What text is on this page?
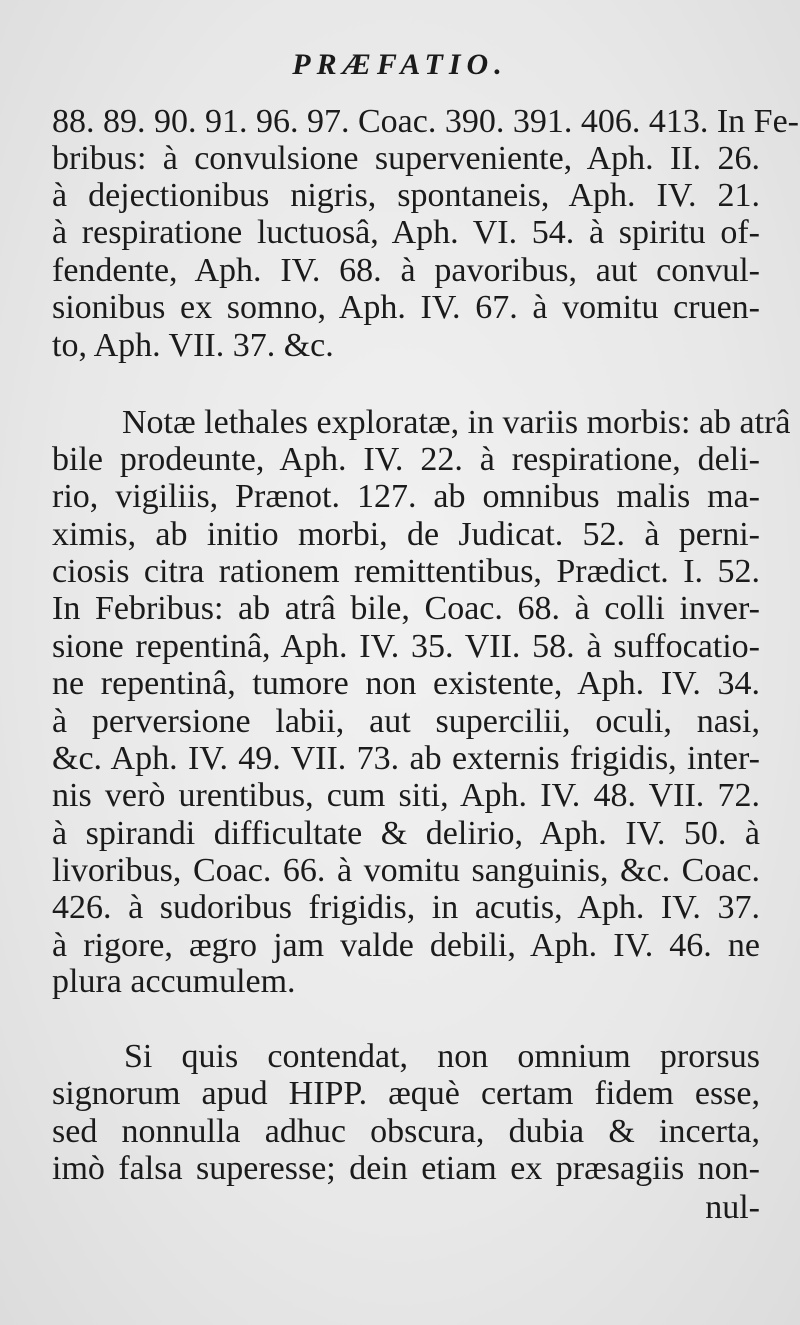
PRÆFATIO.
88. 89. 90. 91. 96. 97. Coac. 390. 391. 406. 413. In Fe-
bribus: à convulsione superveniente, Aph. II. 26.
à dejectionibus nigris, spontaneis, Aph. IV. 21.
à respiratione luctuosâ, Aph. VI. 54. à spiritu of-
fendente, Aph. IV. 68. à pavoribus, aut convul-
sionibus ex somno, Aph. IV. 67. à vomitu cruen-
to, Aph. VII. 37. &c.
Notæ lethales exploratæ, in variis morbis: ab atrâ
bile prodeunte, Aph. IV. 22. à respiratione, deli-
rio, vigiliis, Prænot. 127. ab omnibus malis ma-
ximis, ab initio morbi, de Judicat. 52. à perni-
ciosis citra rationem remittentibus, Prædict. I. 52.
In Febribus: ab atrâ bile, Coac. 68. à colli inver-
sione repentinâ, Aph. IV. 35. VII. 58. à suffocatio-
ne repentinâ, tumore non existente, Aph. IV. 34.
à perversione labii, aut supercilii, oculi, nasi,
&c. Aph. IV. 49. VII. 73. ab externis frigidis, inter-
nis verò urentibus, cum siti, Aph. IV. 48. VII. 72.
à spirandi difficultate & delirio, Aph. IV. 50. à
livoribus, Coac. 66. à vomitu sanguinis, &c. Coac.
426. à sudoribus frigidis, in acutis, Aph. IV. 37.
à rigore, ægro jam valde debili, Aph. IV. 46. ne
plura accumulem.
Si quis contendat, non omnium prorsus
signorum apud HIPP. æquè certam fidem esse,
sed nonnulla adhuc obscura, dubia & incerta,
imò falsa superesse; dein etiam ex præsagiis non-
nul-
